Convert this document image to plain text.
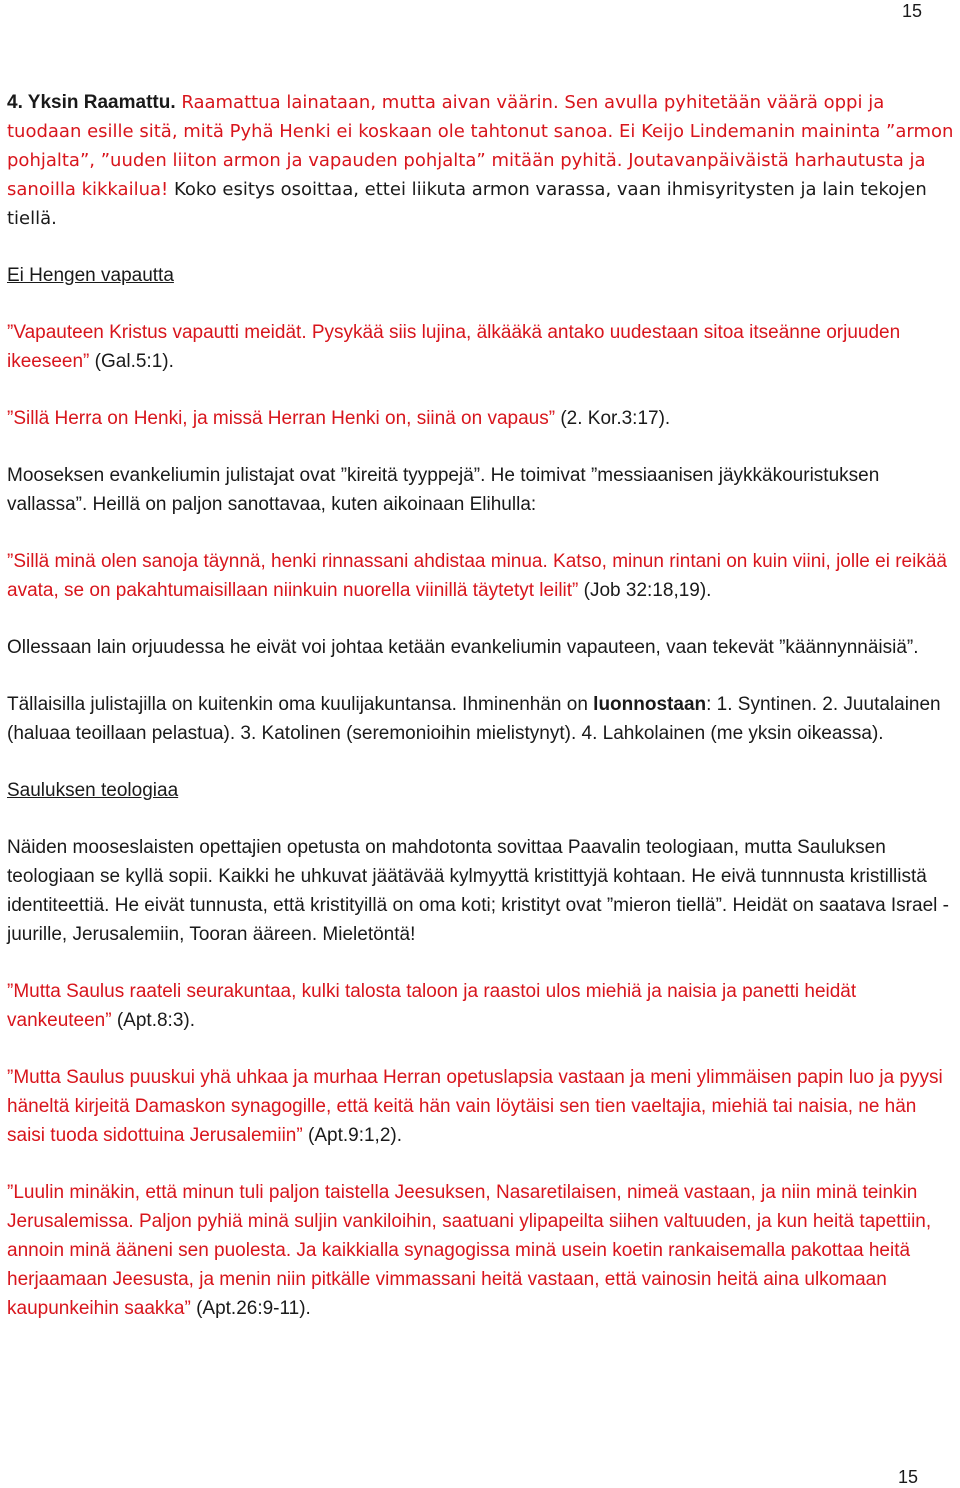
15

4. Yksin Raamattu. Raamattua lainataan, mutta aivan väärin. Sen avulla pyhitetään väärä oppi ja tuodaan esille sitä, mitä Pyhä Henki ei koskaan ole tahtonut sanoa. Ei Keijo Lindemanin maininta ”armon pohjalta”, ”uuden liiton armon ja vapauden pohjalta” mitään pyhitä. Joutavanpäiväistä harhautusta ja sanoilla kikkailua! Koko esitys osoittaa, ettei liikuta armon varassa, vaan ihmisyritysten ja lain tekojen tiellä.

Ei Hengen vapautta

”Vapauteen Kristus vapautti meidät. Pysykää siis lujina, älkääkä antako uudestaan sitoa itseänne orjuuden ikeeseen” (Gal.5:1).

”Sillä Herra on Henki, ja missä Herran Henki on, siinä on vapaus” (2. Kor.3:17).

Mooseksen evankeliumin julistajat ovat ”kireitä tyyppejä”. He toimivat ”messiaanisen jäykkäkouristuksen vallassa”. Heillä on paljon sanottavaa, kuten aikoinaan Elihulla:

”Sillä minä olen sanoja täynnä, henki rinnassani ahdistaa minua. Katso, minun rintani on kuin viini, jolle ei reikää avata, se on pakahtumaisillaan niinkuin nuorella viinillä täytetyt leilit” (Job 32:18,19).

Ollessaan lain orjuudessa he eivät voi johtaa ketään evankeliumin vapauteen, vaan tekevät ”käännynnäisiä”.

Tällaisilla julistajilla on kuitenkin oma kuulijakuntansa. Ihminenhän on luonnostaan: 1. Syntinen. 2. Juutalainen (haluaa teoillaan pelastua). 3. Katolinen (seremonioihin mielistynyt). 4. Lahkolainen (me yksin oikeassa).

Sauluksen teologiaa

Näiden mooseslaisten opettajien opetusta on mahdotonta sovittaa Paavalin teologiaan, mutta Sauluksen teologiaan se kyllä sopii. Kaikki he uhkuvat jäätävää kylmyyttä kristittyjä kohtaan. He eivä tunnnusta kristillistä identiteettiä. He eivät tunnusta, että kristityillä on oma koti; kristityt ovat ”mieron tiellä”. Heidät on saatava Israel - juurille, Jerusalemiin, Tooran ääreen. Mieletöntä!

”Mutta Saulus raateli seurakuntaa, kulki talosta taloon ja raastoi ulos miehiä ja naisia ja panetti heidät vankeuteen” (Apt.8:3).

”Mutta Saulus puuskui yhä uhkaa ja murhaa Herran opetuslapsia vastaan ja meni ylimmäisen papin luo ja pyysi häneltä kirjeitä Damaskon synagogille, että keitä hän vain löytäisi sen tien vaeltajia, miehiä tai naisia, ne hän saisi tuoda sidottuina Jerusalemiin” (Apt.9:1,2).

”Luulin minäkin, että minun tuli paljon taistella Jeesuksen, Nasaretilaisen, nimeä vastaan, ja niin minä teinkin Jerusalemissa. Paljon pyhiä minä suljin vankiloihin, saatuani ylipapeilta siihen valtuuden, ja kun heitä tapettiin, annoin minä ääneni sen puolesta. Ja kaikkialla synagogissa minä usein koetin rankaisemalla pakottaa heitä herjaamaan Jeesusta, ja menin niin pitkälle vimmassani heitä vastaan, että vainosin heitä aina ulkomaan kaupunkeihin saakka” (Apt.26:9-11).

15
